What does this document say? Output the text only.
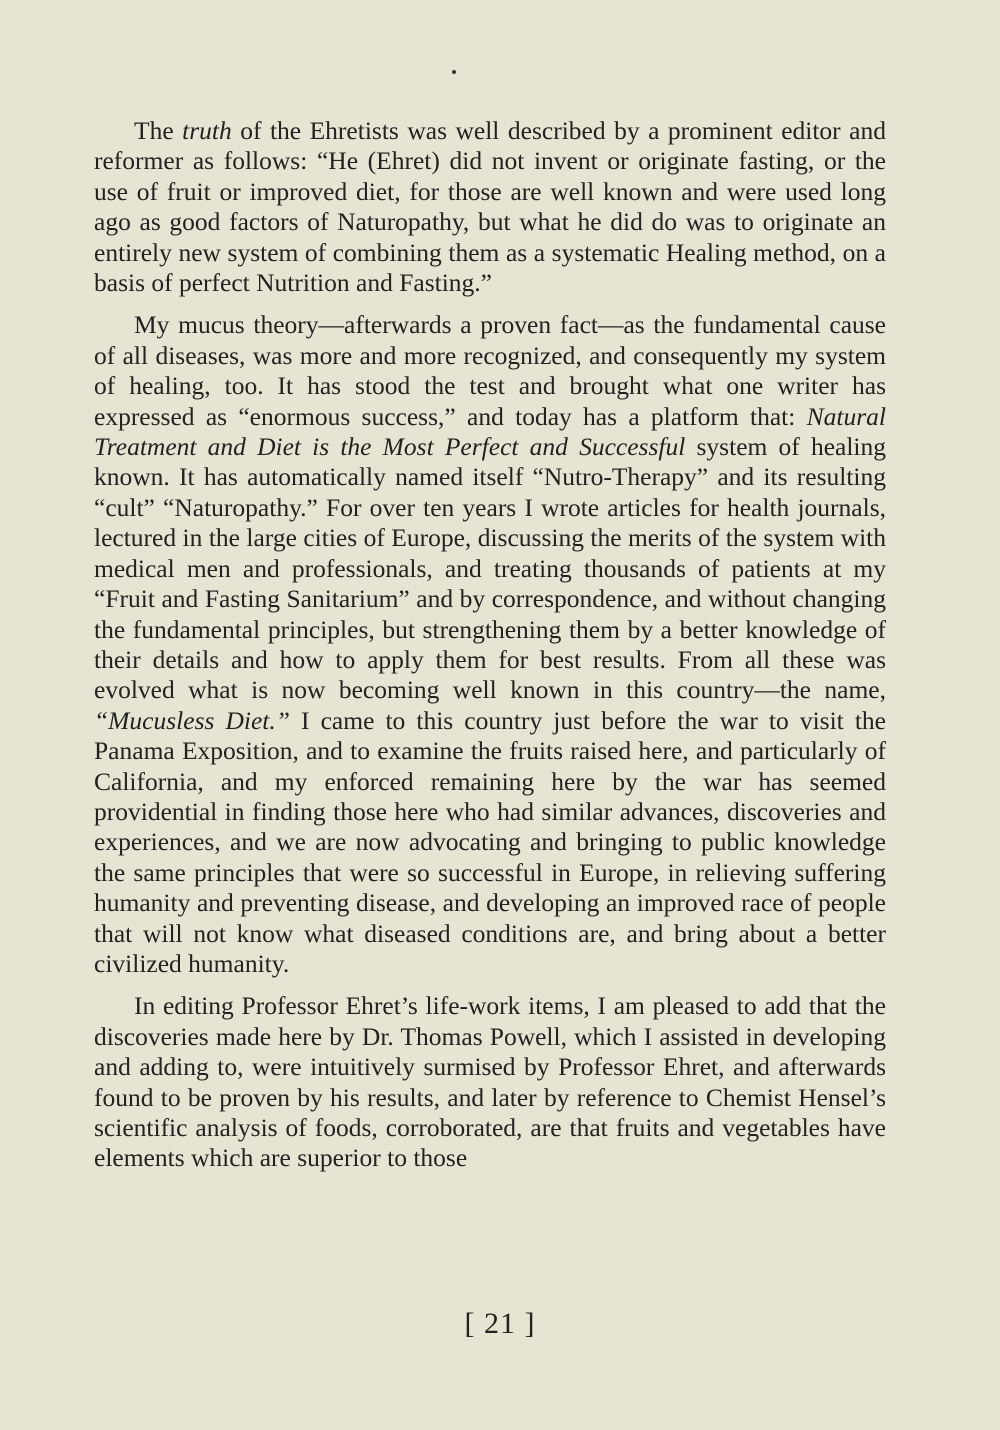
The truth of the Ehretists was well described by a prominent editor and reformer as follows: “He (Ehret) did not invent or originate fasting, or the use of fruit or improved diet, for those are well known and were used long ago as good factors of Naturopathy, but what he did do was to originate an entirely new system of combining them as a systematic Healing method, on a basis of perfect Nutrition and Fasting.”

My mucus theory—afterwards a proven fact—as the fundamental cause of all diseases, was more and more recognized, and consequently my system of healing, too. It has stood the test and brought what one writer has expressed as “enormous success,” and today has a platform that: Natural Treatment and Diet is the Most Perfect and Successful system of healing known. It has automatically named itself “Nutro-Therapy” and its resulting “cult” “Naturopathy.” For over ten years I wrote articles for health journals, lectured in the large cities of Europe, discussing the merits of the system with medical men and professionals, and treating thousands of patients at my “Fruit and Fasting Sanitarium” and by correspondence, and without changing the fundamental principles, but strengthening them by a better knowledge of their details and how to apply them for best results. From all these was evolved what is now becoming well known in this country—the name, “Mucusless Diet.” I came to this country just before the war to visit the Panama Exposition, and to examine the fruits raised here, and particularly of California, and my enforced remaining here by the war has seemed providential in finding those here who had similar advances, discoveries and experiences, and we are now advocating and bringing to public knowledge the same principles that were so successful in Europe, in relieving suffering humanity and preventing disease, and developing an improved race of people that will not know what diseased conditions are, and bring about a better civilized humanity.

In editing Professor Ehret’s life-work items, I am pleased to add that the discoveries made here by Dr. Thomas Powell, which I assisted in developing and adding to, were intuitively surmised by Professor Ehret, and afterwards found to be proven by his results, and later by reference to Chemist Hensel’s scientific analysis of foods, corroborated, are that fruits and vegetables have elements which are superior to those

[ 21 ]
